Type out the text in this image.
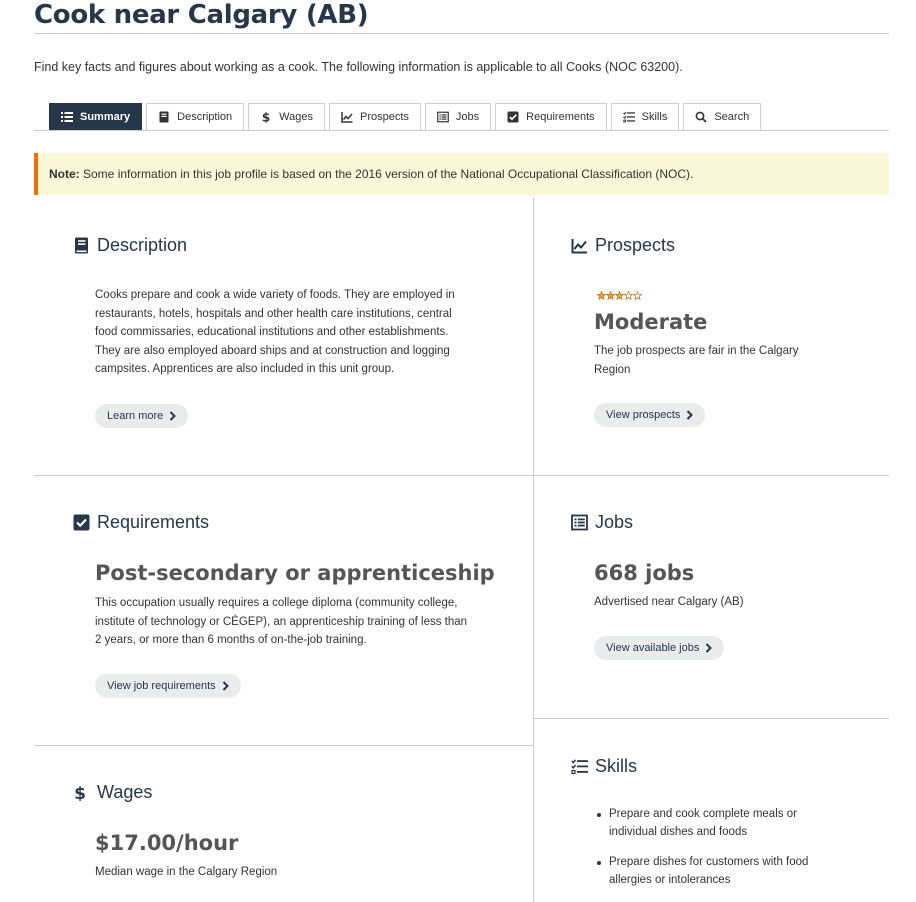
Cook near Calgary (AB)
Find key facts and figures about working as a cook. The following information is applicable to all Cooks (NOC 63200).
Summary	Description $ Wages	Prospects	Jobs	Requirements	Skills	Search
Note: Some information in this job profile is based on the 2016 version of the National Occupational Classification (NOC).
Description
Cooks prepare and cook a wide variety of foods. They are employed in
restaurants, hotels, hospitals and other health care institutions, central
food commissaries, educational institutions and other establishments.
They are also employed aboard ships and at construction and logging
campsites. Apprentices are also included in this unit group.
Learn more
Prospects
Moderate
The job prospects are fair in the Calgary
Region
View prospects
Requirements
Post-secondary or apprenticeship
This occupation usually requires a college diploma (community college,
institute of technology or CÉGEP), an apprenticeship training of less than
2 years, or more than 6 months of on-the-job training.
View job requirements
Jobs
668 jobs
Advertised near Calgary (AB)
View available jobs
$ Wages
$17.00/hour
Median wage in the Calgary Region
Skills
Prepare and cook complete meals or
individual dishes and foods
Prepare dishes for customers with food
allergies or intolerances
